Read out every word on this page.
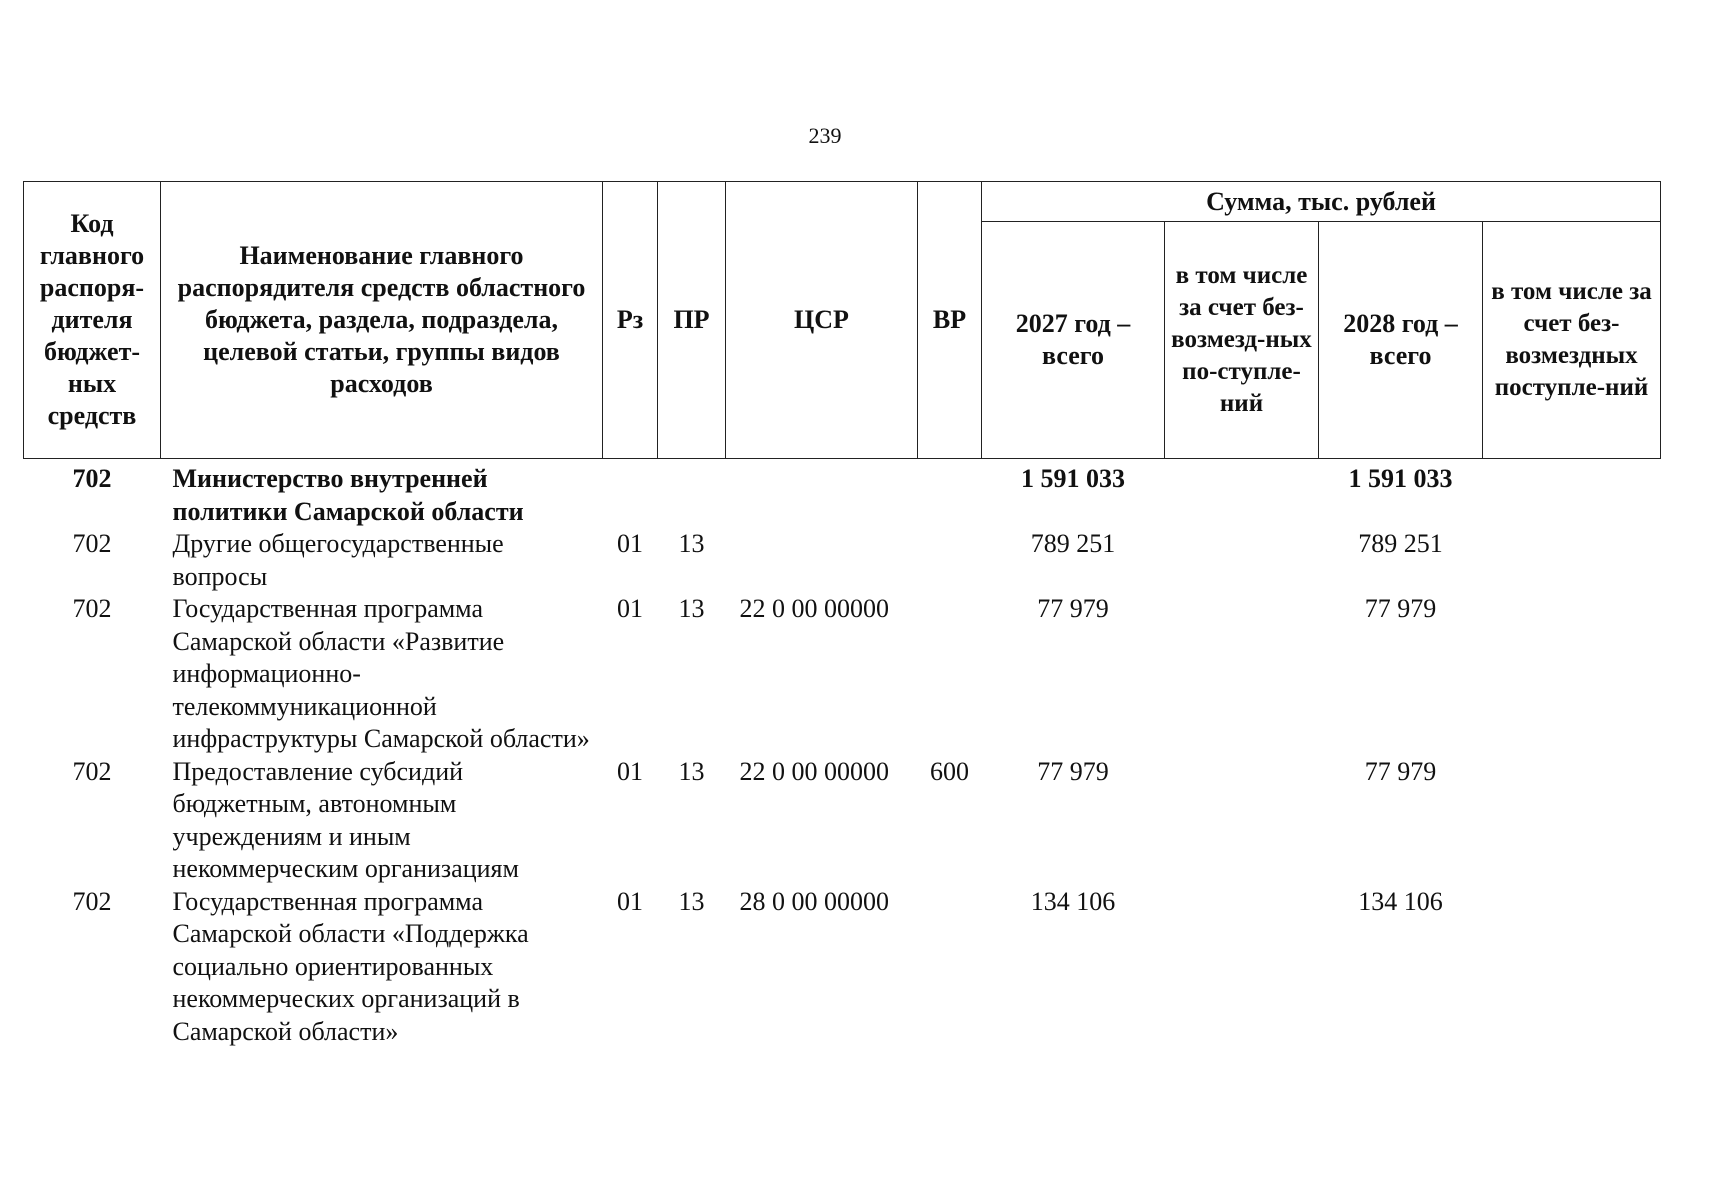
239
Код главного распоря-дителя бюджет-ных средств	Наименование главного распорядителя средств областного бюджета, раздела, подраздела, целевой статьи, группы видов расходов	Рз	ПР	ЦСР	ВР	Сумма, тыс. рублей			
						2027 год – всего	в том числе за счет без-возмезд-ных по-ступле-ний	2028 год – всего	в том числе за счет без-возмездных поступле-ний
702	Министерство внутренней политики Самарской области					1 591 033		1 591 033	
702	Другие общегосударственные вопросы	01	13			789 251		789 251	
702	Государственная программа Самарской области «Развитие информационно-телекоммуникационной инфраструктуры Самарской области»	01	13	22 0 00 00000		77 979		77 979	
702	Предоставление субсидий бюджетным, автономным учреждениям и иным некоммерческим организациям	01	13	22 0 00 00000	600	77 979		77 979	
702	Государственная программа Самарской области «Поддержка социально ориентированных некоммерческих организаций в Самарской области»	01	13	28 0 00 00000		134 106		134 106	
